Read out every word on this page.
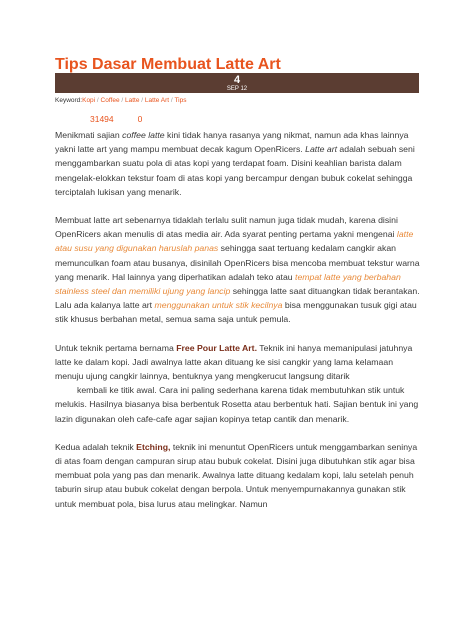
Tips Dasar Membuat Latte Art
4
SEP 12
Keyword:Kopi / Coffee / Latte / Latte Art / Tips
31494	0

Menikmati sajian coffee latte kini tidak hanya rasanya yang nikmat, namun ada khas lainnya yakni latte art yang mampu membuat decak kagum OpenRicers. Latte art adalah sebuah seni menggambarkan suatu pola di atas kopi yang terdapat foam. Disini keahlian barista dalam mengelak-elokkan tekstur foam di atas kopi yang bercampur dengan bubuk cokelat sehingga terciptalah lukisan yang menarik.

Membuat latte art sebenarnya tidaklah terlalu sulit namun juga tidak mudah, karena disini OpenRicers akan menulis di atas media air. Ada syarat penting pertama yakni mengenai latte atau susu yang digunakan haruslah panas sehingga saat tertuang kedalam cangkir akan memunculkan foam atau busanya, disinilah OpenRicers bisa mencoba membuat tekstur warna yang menarik. Hal lainnya yang diperhatikan adalah teko atau tempat latte yang berbahan stainless steel dan memiliki ujung yang lancip sehingga latte saat dituangkan tidak berantakan. Lalu ada kalanya latte art menggunakan untuk stik kecilnya bisa menggunakan tusuk gigi atau stik khusus berbahan metal, semua sama saja untuk pemula.

Untuk teknik pertama bernama Free Pour Latte Art. Teknik ini hanya memanipulasi jatuhnya latte ke dalam kopi. Jadi awalnya latte akan dituang ke sisi cangkir yang lama kelamaan menuju ujung cangkir lainnya, bentuknya yang mengkerucut langsung ditarik
kembali ke titik awal. Cara ini paling sederhana karena tidak membutuhkan stik untuk melukis. Hasilnya biasanya bisa berbentuk Rosetta atau berbentuk hati. Sajian bentuk ini yang lazin digunakan oleh cafe-cafe agar sajian kopinya tetap cantik dan menarik.

Kedua adalah teknik Etching, teknik ini menuntut OpenRicers untuk menggambarkan seninya di atas foam dengan campuran sirup atau bubuk cokelat. Disini juga dibutuhkan stik agar bisa membuat pola yang pas dan menarik. Awalnya latte dituang kedalam kopi, lalu setelah penuh taburin sirup atau bubuk cokelat dengan berpola. Untuk menyempurnakannya gunakan stik untuk membuat pola, bisa lurus atau melingkar. Namun
